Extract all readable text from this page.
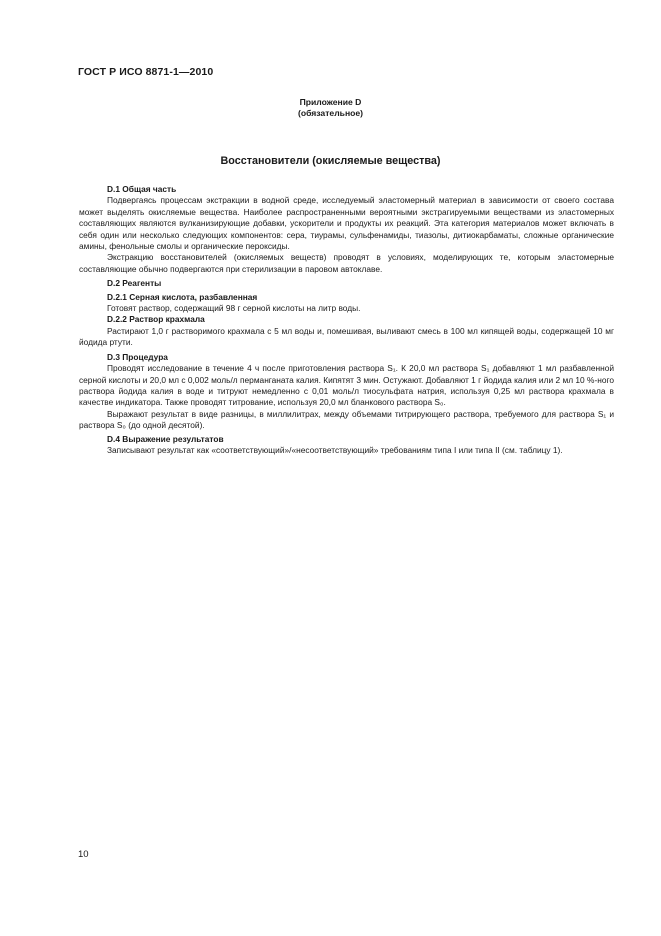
ГОСТ Р ИСО 8871-1—2010
Приложение D
(обязательное)
Восстановители (окисляемые вещества)
D.1 Общая часть

Подвергаясь процессам экстракции в водной среде, исследуемый эластомерный материал в зависимости от своего состава может выделять окисляемые вещества. Наиболее распространенными вероятными экстрагируемыми веществами из эластомерных составляющих являются вулканизирующие добавки, ускорители и продукты их реакций. Эта категория материалов может включать в себя один или несколько следующих компонентов: сера, тиурамы, сульфенамиды, тиазолы, дитиокарбаматы, сложные органические амины, фенольные смолы и органические пероксиды.

Экстракцию восстановителей (окисляемых веществ) проводят в условиях, моделирующих те, которым эластомерные составляющие обычно подвергаются при стерилизации в паровом автоклаве.

D.2 Реагенты
D.2.1 Серная кислота, разбавленная

Готовят раствор, содержащий 98 г серной кислоты на литр воды.

D.2.2 Раствор крахмала

Растирают 1,0 г растворимого крахмала с 5 мл воды и, помешивая, выливают смесь в 100 мл кипящей воды, содержащей 10 мг йодида ртути.

D.3 Процедура

Проводят исследование в течение 4 ч после приготовления раствора S₁. К 20,0 мл раствора S₁ добавляют 1 мл разбавленной серной кислоты и 20,0 мл с 0,002 моль/л перманганата калия. Кипятят 3 мин. Остужают. Добавляют 1 г йодида калия или 2 мл 10 %-ного раствора йодида калия в воде и титруют немедленно с 0,01 моль/л тиосульфата натрия, используя 0,25 мл раствора крахмала в качестве индикатора. Также проводят титрование, используя 20,0 мл бланкового раствора S₀.

Выражают результат в виде разницы, в миллилитрах, между объемами титрирующего раствора, требуемого для раствора S₁ и раствора S₀ (до одной десятой).

D.4 Выражение результатов

Записывают результат как «соответствующий»/«несоответствующий» требованиям типа I или типа II (см. таблицу 1).

10
